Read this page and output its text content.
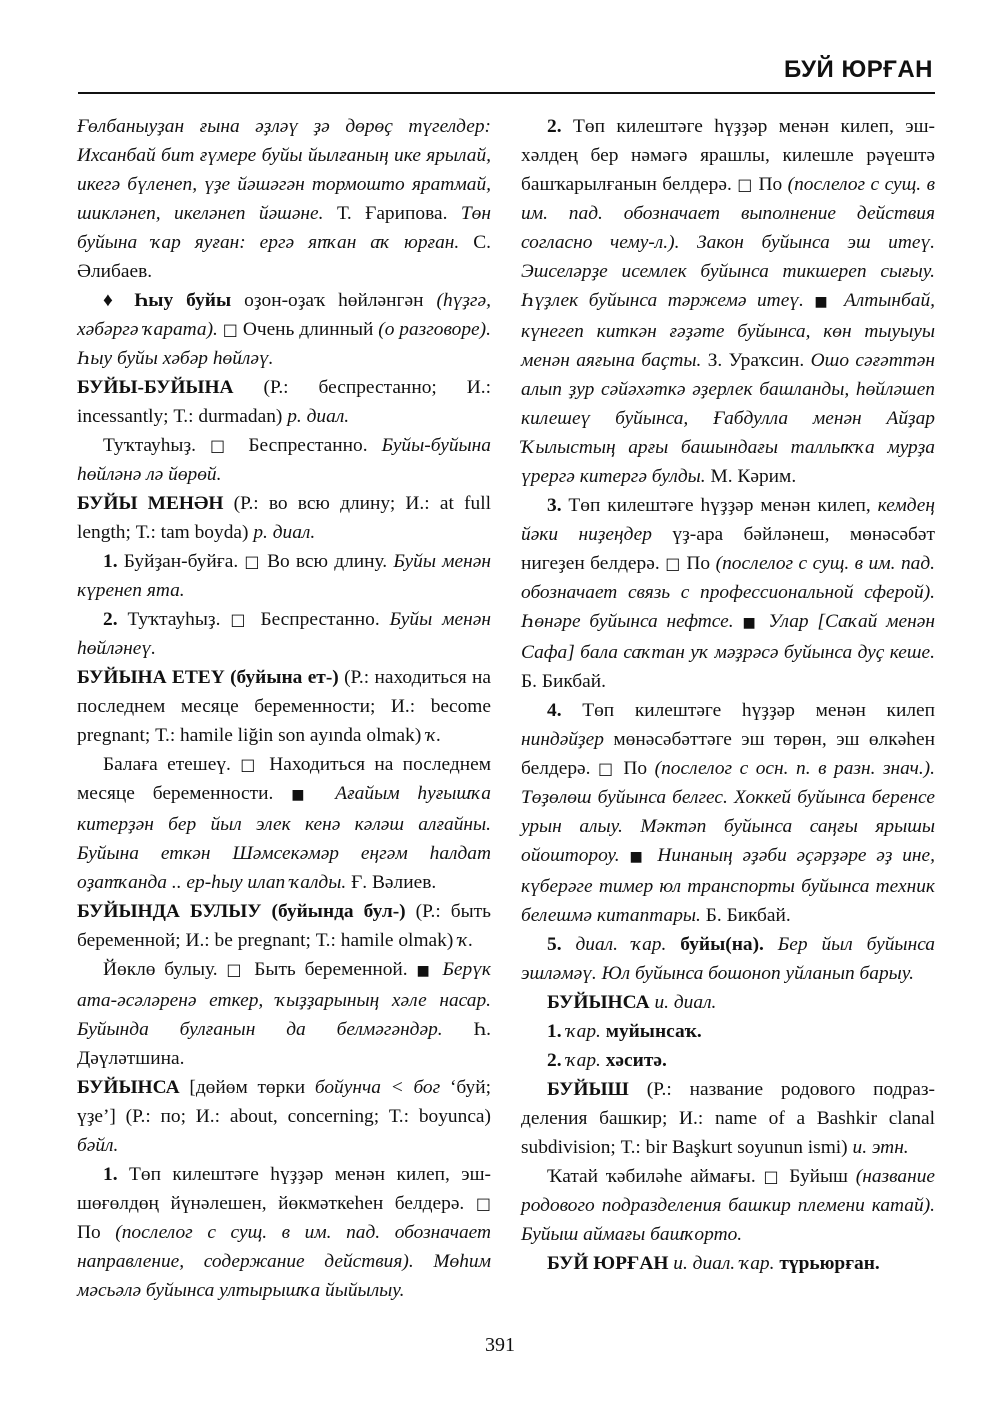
БУЙ ЮРҒАН

Ғөлбаныуҙан ғына әҙләү ҙә дөрөҫ түгелдер: Ихсанбай бит ғүмере буйы йылғаның ике ярылай, икегә бүленеп, үҙе йәшәгән тормошто яратмай, шикләнеп, икеләнеп йәшәне. Т. Ғарипова. Төн буйына ҡар яуған: ергә япҡан аҡ юрған. С. Әлибаев.

♦ Һыу буйы оҙон-оҙаҡ һөйләнгән (һүҙгә, хәбәргә ҡарата). □ Очень длинный (о разговоре). Һыу буйы хәбәр һөйләү.

БУЙЫ-БУЙЫНА (Р.: беспрестанно; И.: incessantly; Т.: durmadan) р. диал.

Туҡтауһыҙ. □ Беспрестанно. Буйы-буйына һөйләнә лә йөрөй.

БУЙЫ МЕНӘН (Р.: во всю длину; И.: at full length; Т.: tam boyda) р. диал.

1. Буйҙан-буйға. □ Во всю длину. Буйы менән күренеп ята.

2. Туҡтауһыҙ. □ Беспрестанно. Буйы менән һөйләнеү.

БУЙЫНА ЕТЕҮ (буйына ет-) (Р.: находиться на последнем месяце беременности; И.: become pregnant; Т.: hamile liğin son ayında olmak) ҡ.

Балаға етешеү. □ Находиться на последнем месяце беременности. ■ Ағайым һуғышҡа китерҙән бер йыл элек кенә кәләш алғайны. Буйына еткән Шәмсекәмәр еңгәм һалдат оҙатҡанда .. ер-һыу илап ҡалды. Ғ. Вәлиев.

БУЙЫНДА БУЛЫУ (буйында бул-) (Р.: быть беременной; И.: be pregnant; Т.: hamile olmak) ҡ.

Йөклө булыу. □ Быть беременной. ■ Берүк ата-әсәләренә еткер, ҡыҙҙарының хәле насар. Буйында булғанын да белмәгәндәр. Һ. Дәүләтшина.

БУЙЫНСА [дөйөм төрки бойунча < бог ‘буй; үҙе’] (Р.: по; И.: about, concerning; Т.: boyunca) бәйл.

1. Төп килештәге һүҙҙәр менән килеп, эш-шөғөлдөң йүнәлешен, йөкмәткеһен белдерә. □ По (послелог с сущ. в им. пад. обозначает направление, содержание действия). Мөһим мәсьәлә буйынса ултырышҡа йыйылыу.

2. Төп килештәге һүҙҙәр менән килеп, эш-хәлдең бер нәмәгә ярашлы, килешле рәүештә башҡарылғанын белдерә. □ По (послелог с сущ. в им. пад. обозначает выполнение действия согласно чему-л.). Закон буйынса эш итеү. Эшселәрҙе исемлек буйынса тикшереп сығыу. Һүҙлек буйынса тәржемә итеү. ■ Алтынбай, күнегеп киткән ғәҙәте буйынса, көн тыуыуы менән аяғына баҫты. З. Ураҡсин. Ошо сәғәттән алып ҙур сәйәхәткә әҙерлек башланды, һөйләшеп килешеү буйынса, Ғабдулла менән Айҙар Ҡылыстың арғы башындағы таллыҡҡа мурҙа үрергә китергә булды. М. Кәрим.

3. Төп килештәге һүҙҙәр менән килеп, кемдең йәки ниҙеңдер үҙ-ара бәйләнеш, мөнәсәбәт нигеҙен белдерә. □ По (послелог с сущ. в им. пад. обозначает связь с профессиональной сферой). Һөнәре буйынса нефтсе. ■ Улар [Саҡай менән Сафа] бала саҡтан уҡ мәҙрәсә буйынса дуҫ кеше. Б. Бикбай.

4. Төп килештәге һүҙҙәр менән килеп ниндәйҙер мөнәсәбәттәге эш төрөн, эш өлкәһен белдерә. □ По (послелог с осн. п. в разн. знач.). Төҙөлөш буйынса белгес. Хоккей буйынса беренсе урын алыу. Мәктәп буйынса саңғы ярышы ойоштороу. ■ Нинаның әҙәби әҫәрҙәре әҙ ине, күберәге тимер юл транспорты буйынса техник белешмә китаптары. Б. Бикбай.

5. диал. ҡар. буйы(на). Бер йыл буйынса эшләмәү. Юл буйынса бошоноп уйланып барыу.

БУЙЫНСА и. диал.

1. ҡар. муйынсаҡ.

2. ҡар. хәситә.

БУЙЫШ (Р.: название родового подразделения башкир; И.: name of a Bashkir clanal subdivision; Т.: bir Başkurt soyunun ismi) и. этн.

Ҡатай ҡәбиләһе аймағы. □ Буйыш (название родового подразделения башкир племени катай). Буйыш аймағы башҡорто.

БУЙ ЮРҒАН и. диал. ҡар. түрьюрған.

391
